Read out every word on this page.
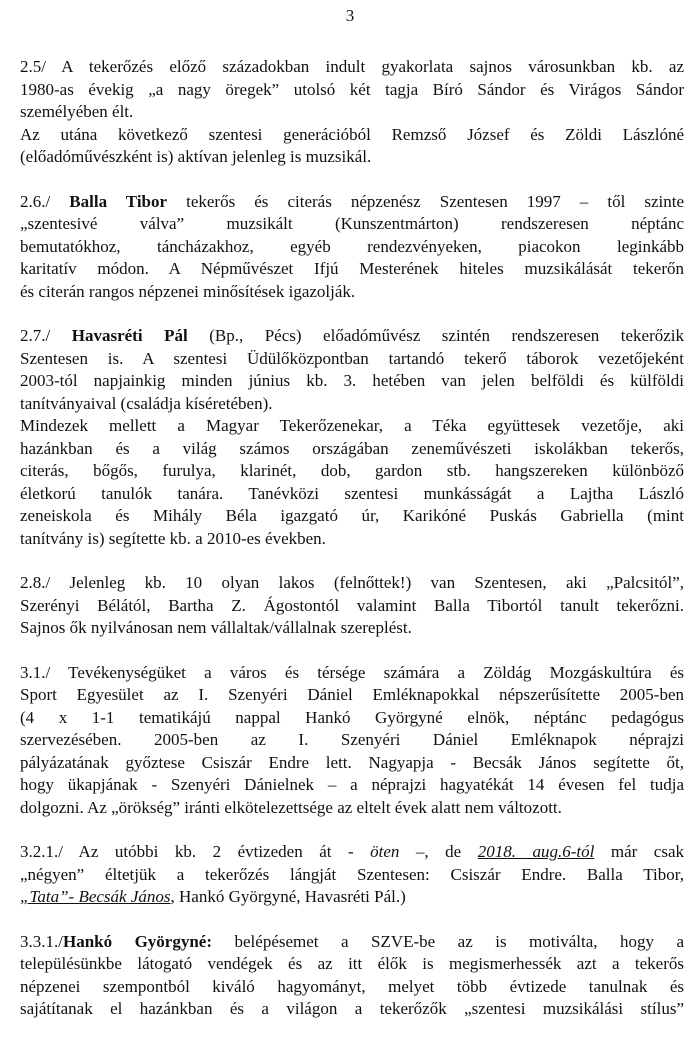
3
2.5/ A tekerőzés előző századokban indult gyakorlata sajnos városunkban kb. az
1980-as évekig „a nagy öregek” utolsó két tagja Bíró Sándor és Virágos Sándor
személyében élt.
Az utána következő szentesi generációból Remzső József és Zöldi Lászlóné
(előadóművészként is) aktívan jelenleg is muzsikál.
2.6./ Balla Tibor tekerős és citerás népzenész Szentesen 1997 – től szinte
„szentesivé válva” muzsikált (Kunszentmárton) rendszeresen néptánc
bemutatókhoz, táncházakhoz, egyéb rendezvényeken, piacokon leginkább
karitatív módon. A Népművészet Ifjú Mesterének hiteles muzsikálását tekerőn
és citerán rangos népzenei minősítések igazolják.
2.7./ Havasréti Pál (Bp., Pécs) előadóművész szintén rendszeresen tekerőzik
Szentesen is. A szentesi Üdülőközpontban tartandó tekerő táborok vezetőjeként
2003-tól napjainkig minden június kb. 3. hetében van jelen belföldi és külföldi
tanítványaival (családja kíséretében).
Mindezek mellett a Magyar Tekerőzenekar, a Téka együttesek vezetője, aki
hazánkban és a világ számos országában zeneművészeti iskolákban tekerős,
citerás, bőgős, furulya, klarinét, dob, gardon stb. hangszereken különböző
életkorú tanulók tanára. Tanévközi szentesi munkásságát a Lajtha László
zeneiskola és Mihály Béla igazgató úr, Karikóné Puskás Gabriella (mint
tanítvány is) segítette kb. a 2010-es években.
2.8./ Jelenleg kb. 10 olyan lakos (felnőttek!) van Szentesen, aki „Palcsitól”,
Szerényi Bélától, Bartha Z. Ágostontól valamint Balla Tibortól tanult tekerőzni.
Sajnos ők nyilvánosan nem vállaltak/vállalnak szereplést.
3.1./ Tevékenységüket a város és térsége számára a Zöldág Mozgáskultúra és
Sport Egyesület az I. Szenyéri Dániel Emléknapokkal népszerűsítette 2005-ben
(4 x 1-1 tematikájú nappal Hankó Györgyné elnök, néptánc pedagógus
szervezésében. 2005-ben az I. Szenyéri Dániel Emléknapok néprajzi
pályázatának győztese Csiszár Endre lett. Nagyapja - Becsák János segítette őt,
hogy ükapjának - Szenyéri Dánielnek – a néprajzi hagyatékát 14 évesen fel tudja
dolgozni. Az „örökség” iránti elkötelezettsége az eltelt évek alatt nem változott.
3.2.1./ Az utóbbi kb. 2 évtizeden át - öten –, de 2018. aug.6-tól már csak
„négyen” éltetjük a tekerőzés lángját Szentesen: Csiszár Endre. Balla Tibor,
„Tata”- Becsák János, Hankó Györgyné, Havasréti Pál.)
3.3.1./Hankó Györgyné: belépésemet a SZVE-be az is motiválta, hogy a
településünkbe látogató vendégek és az itt élők is megismerhessék azt a tekerős
népzenei szempontból kiváló hagyományt, melyet több évtizede tanulnak és
sajátítanak el hazánkban és a világon a tekerőzők „szentesi muzsikálási stílus”
